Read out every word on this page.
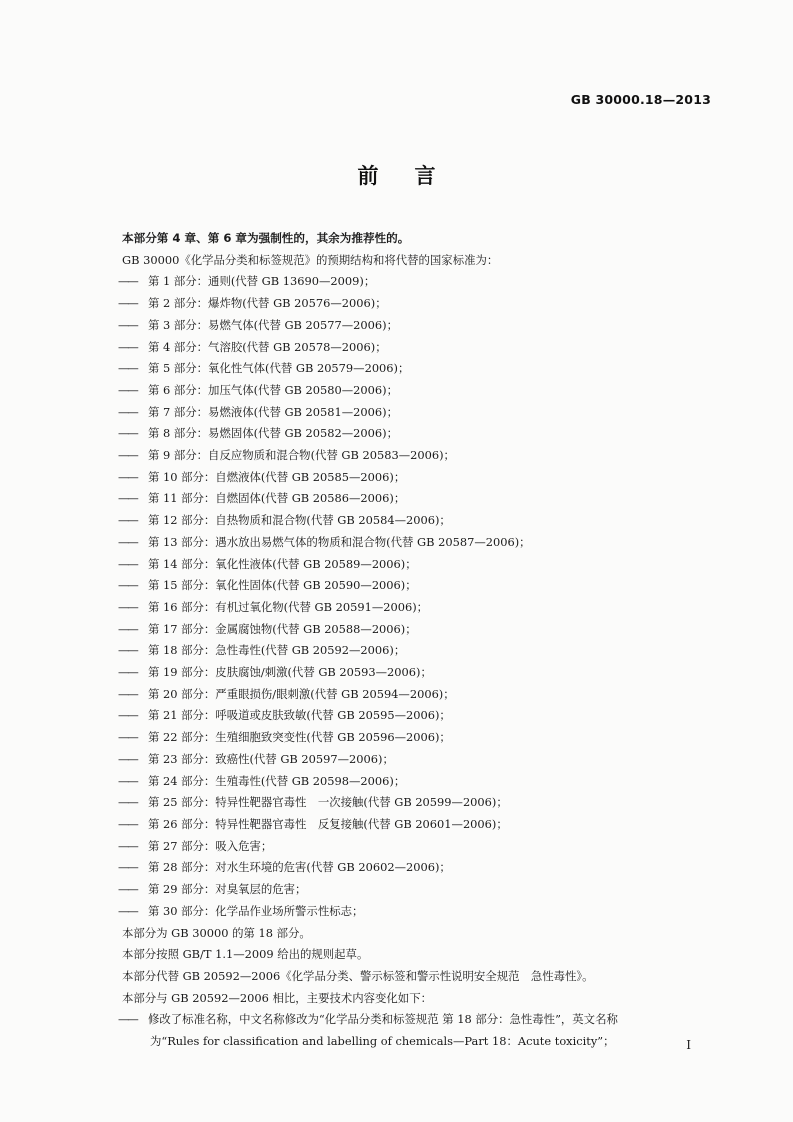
GB 30000.18—2013
前言
本部分第 4 章、第 6 章为强制性的，其余为推荐性的。
GB 30000《化学品分类和标签规范》的预期结构和将代替的国家标准为：
—— 第 1 部分：通则(代替 GB 13690—2009)；
—— 第 2 部分：爆炸物(代替 GB 20576—2006)；
—— 第 3 部分：易燃气体(代替 GB 20577—2006)；
—— 第 4 部分：气溶胶(代替 GB 20578—2006)；
—— 第 5 部分：氧化性气体(代替 GB 20579—2006)；
—— 第 6 部分：加压气体(代替 GB 20580—2006)；
—— 第 7 部分：易燃液体(代替 GB 20581—2006)；
—— 第 8 部分：易燃固体(代替 GB 20582—2006)；
—— 第 9 部分：自反应物质和混合物(代替 GB 20583—2006)；
—— 第 10 部分：自燃液体(代替 GB 20585—2006)；
—— 第 11 部分：自燃固体(代替 GB 20586—2006)；
—— 第 12 部分：自热物质和混合物(代替 GB 20584—2006)；
—— 第 13 部分：遇水放出易燃气体的物质和混合物(代替 GB 20587—2006)；
—— 第 14 部分：氧化性液体(代替 GB 20589—2006)；
—— 第 15 部分：氧化性固体(代替 GB 20590—2006)；
—— 第 16 部分：有机过氧化物(代替 GB 20591—2006)；
—— 第 17 部分：金属腐蚀物(代替 GB 20588—2006)；
—— 第 18 部分：急性毒性(代替 GB 20592—2006)；
—— 第 19 部分：皮肤腐蚀/刺激(代替 GB 20593—2006)；
—— 第 20 部分：严重眼损伤/眼刺激(代替 GB 20594—2006)；
—— 第 21 部分：呼吸道或皮肤致敏(代替 GB 20595—2006)；
—— 第 22 部分：生殖细胞致突变性(代替 GB 20596—2006)；
—— 第 23 部分：致癌性(代替 GB 20597—2006)；
—— 第 24 部分：生殖毒性(代替 GB 20598—2006)；
—— 第 25 部分：特异性靶器官毒性　一次接触(代替 GB 20599—2006)；
—— 第 26 部分：特异性靶器官毒性　反复接触(代替 GB 20601—2006)；
—— 第 27 部分：吸入危害；
—— 第 28 部分：对水生环境的危害(代替 GB 20602—2006)；
—— 第 29 部分：对臭氧层的危害；
—— 第 30 部分：化学品作业场所警示性标志；
本部分为 GB 30000 的第 18 部分。
本部分按照 GB/T 1.1—2009 给出的规则起草。
本部分代替 GB 20592—2006《化学品分类、警示标签和警示性说明安全规范　急性毒性》。
本部分与 GB 20592—2006 相比，主要技术内容变化如下：
—— 修改了标准名称，中文名称修改为“化学品分类和标签规范 第 18 部分：急性毒性”，英文名称
为“Rules for classification and labelling of chemicals—Part 18：Acute toxicity”；	I
